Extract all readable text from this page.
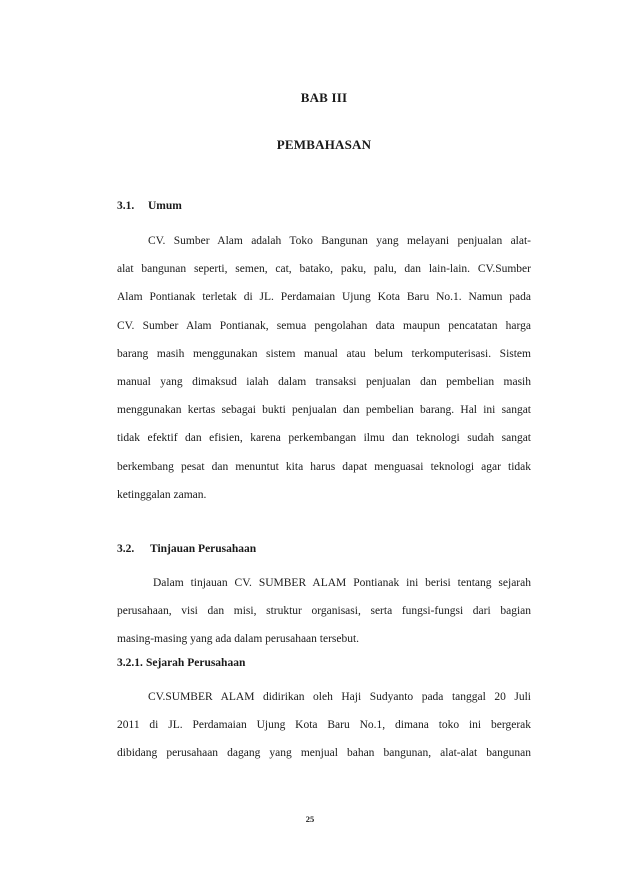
BAB III
PEMBAHASAN
3.1. Umum
CV. Sumber Alam adalah Toko Bangunan yang melayani penjualan alat-
alat bangunan seperti, semen, cat, batako, paku, palu, dan lain-lain. CV.Sumber
Alam Pontianak terletak di JL. Perdamaian Ujung Kota Baru No.1. Namun pada
CV. Sumber Alam Pontianak, semua pengolahan data maupun pencatatan harga
barang masih menggunakan sistem manual atau belum terkomputerisasi. Sistem
manual yang dimaksud ialah dalam transaksi penjualan dan pembelian masih
menggunakan kertas sebagai bukti penjualan dan pembelian barang. Hal ini sangat
tidak efektif dan efisien, karena perkembangan ilmu dan teknologi sudah sangat
berkembang pesat dan menuntut kita harus dapat menguasai teknologi agar tidak
ketinggalan zaman.
3.2. Tinjauan Perusahaan
Dalam tinjauan CV. SUMBER ALAM Pontianak ini berisi tentang sejarah
perusahaan, visi dan misi, struktur organisasi, serta fungsi-fungsi dari bagian
masing-masing yang ada dalam perusahaan tersebut.
3.2.1. Sejarah Perusahaan
CV.SUMBER ALAM didirikan oleh Haji Sudyanto pada tanggal 20 Juli
2011 di JL. Perdamaian Ujung Kota Baru No.1, dimana toko ini bergerak
dibidang perusahaan dagang yang menjual bahan bangunan, alat-alat bangunan
25
